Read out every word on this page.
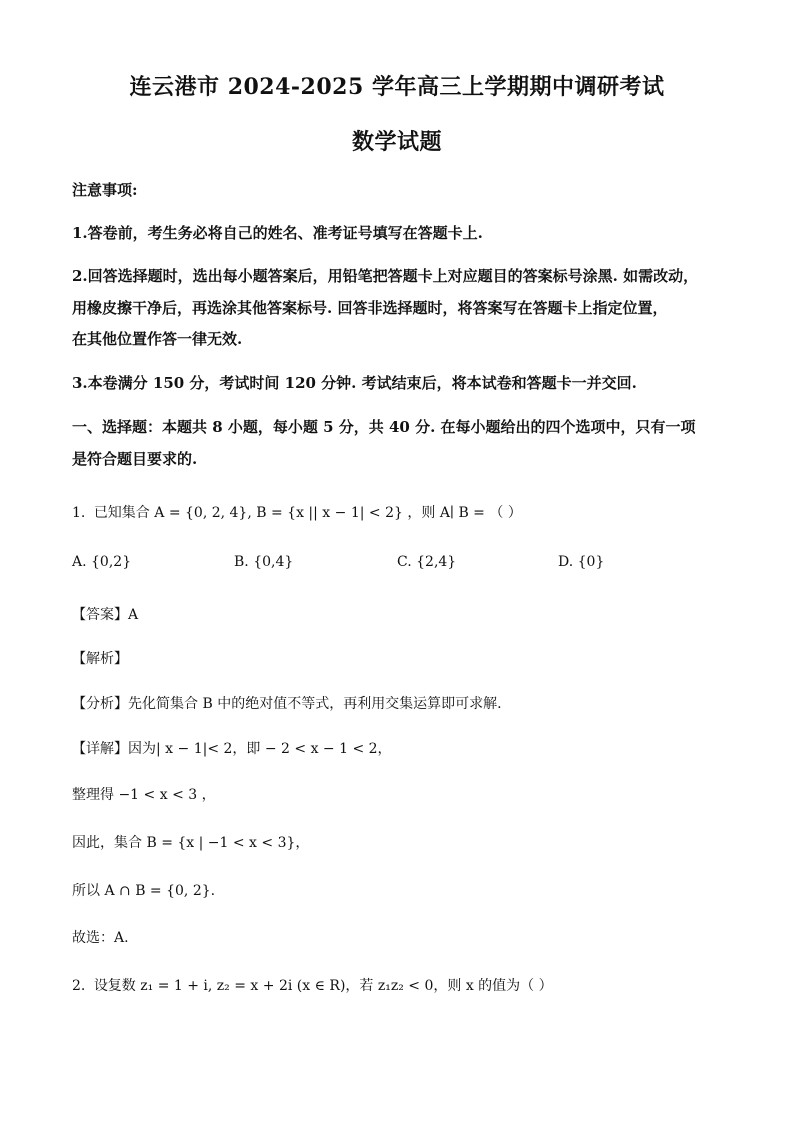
连云港市 2024-2025 学年高三上学期期中调研考试
数学试题
注意事项:
1.答卷前，考生务必将自己的姓名、准考证号填写在答题卡上.
2.回答选择题时，选出每小题答案后，用铅笔把答题卡上对应题目的答案标号涂黑. 如需改动，
用橡皮擦干净后，再选涂其他答案标号. 回答非选择题时，将答案写在答题卡上指定位置，
在其他位置作答一律无效.
3.本卷满分 150 分，考试时间 120 分钟. 考试结束后，将本试卷和答题卡一并交回.
一、选择题：本题共 8 小题，每小题 5 分，共 40 分. 在每小题给出的四个选项中，只有一项
是符合题目要求的.
1. 已知集合 A = {0, 2, 4}, B = {x || x − 1| < 2} ，则 A∣ B = （ ）
A. {0,2}	B. {0,4}	C. {2,4}	D. {0}
【答案】A
【解析】
【分析】先化简集合 B 中的绝对值不等式，再利用交集运算即可求解.
【详解】因为| x − 1|< 2，即 − 2 < x − 1 < 2，
整理得 −1 < x < 3 ，
因此，集合 B = {x | −1 < x < 3}，
所以 A ∩ B = {0, 2}.
故选：A.
2. 设复数 z₁ = 1 + i, z₂ = x + 2i (x ∈ R)，若 z₁z₂ < 0，则 x 的值为（ ）
